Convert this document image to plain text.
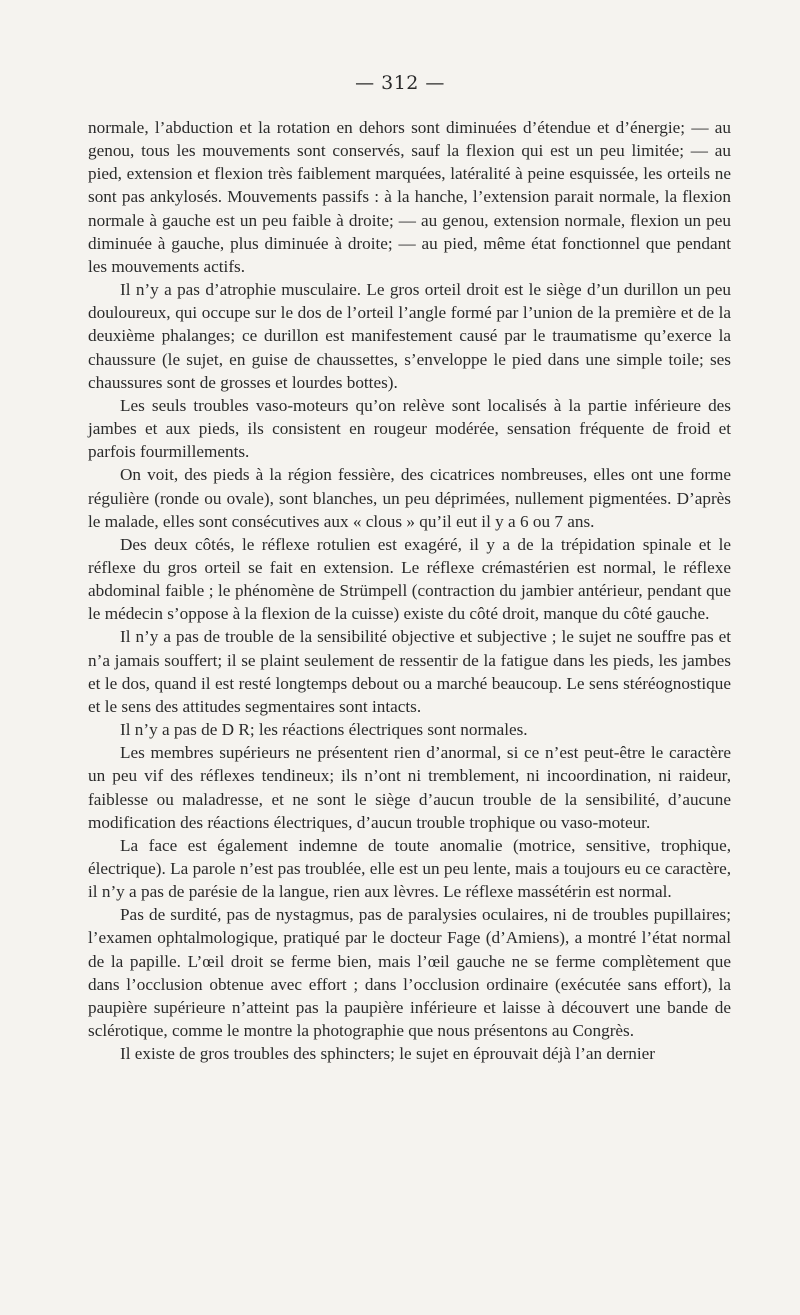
— 312 —

normale, l’abduction et la rotation en dehors sont diminuées d’étendue et d’énergie; — au genou, tous les mouvements sont conservés, sauf la flexion qui est un peu limitée; — au pied, extension et flexion très faiblement marquées, latéralité à peine esquissée, les orteils ne sont pas ankylosés. Mouvements passifs : à la hanche, l’extension parait normale, la flexion normale à gauche est un peu faible à droite; — au genou, extension normale, flexion un peu diminuée à gauche, plus diminuée à droite; — au pied, même état fonctionnel que pendant les mouvements actifs.

Il n’y a pas d’atrophie musculaire. Le gros orteil droit est le siège d’un durillon un peu douloureux, qui occupe sur le dos de l’orteil l’angle formé par l’union de la première et de la deuxième phalanges; ce durillon est manifestement causé par le traumatisme qu’exerce la chaussure (le sujet, en guise de chaussettes, s’enveloppe le pied dans une simple toile; ses chaussures sont de grosses et lourdes bottes).

Les seuls troubles vaso-moteurs qu’on relève sont localisés à la partie inférieure des jambes et aux pieds, ils consistent en rougeur modérée, sensation fréquente de froid et parfois fourmillements.

On voit, des pieds à la région fessière, des cicatrices nombreuses, elles ont une forme régulière (ronde ou ovale), sont blanches, un peu déprimées, nullement pigmentées. D’après le malade, elles sont consécutives aux « clous » qu’il eut il y a 6 ou 7 ans.

Des deux côtés, le réflexe rotulien est exagéré, il y a de la trépidation spinale et le réflexe du gros orteil se fait en extension. Le réflexe crémastérien est normal, le réflexe abdominal faible ; le phénomène de Strümpell (contraction du jambier antérieur, pendant que le médecin s’oppose à la flexion de la cuisse) existe du côté droit, manque du côté gauche.

Il n’y a pas de trouble de la sensibilité objective et subjective ; le sujet ne souffre pas et n’a jamais souffert; il se plaint seulement de ressentir de la fatigue dans les pieds, les jambes et le dos, quand il est resté longtemps debout ou a marché beaucoup. Le sens stéréognostique et le sens des attitudes segmentaires sont intacts.

Il n’y a pas de D R; les réactions électriques sont normales.

Les membres supérieurs ne présentent rien d’anormal, si ce n’est peut-être le caractère un peu vif des réflexes tendineux; ils n’ont ni tremblement, ni incoordination, ni raideur, faiblesse ou maladresse, et ne sont le siège d’aucun trouble de la sensibilité, d’aucune modification des réactions électriques, d’aucun trouble trophique ou vaso-moteur.

La face est également indemne de toute anomalie (motrice, sensitive, trophique, électrique). La parole n’est pas troublée, elle est un peu lente, mais a toujours eu ce caractère, il n’y a pas de parésie de la langue, rien aux lèvres. Le réflexe massétérin est normal.

Pas de surdité, pas de nystagmus, pas de paralysies oculaires, ni de troubles pupillaires; l’examen ophtalmologique, pratiqué par le docteur Fage (d’Amiens), a montré l’état normal de la papille. L’œil droit se ferme bien, mais l’œil gauche ne se ferme complètement que dans l’occlusion obtenue avec effort ; dans l’occlusion ordinaire (exécutée sans effort), la paupière supérieure n’atteint pas la paupière inférieure et laisse à découvert une bande de sclérotique, comme le montre la photographie que nous présentons au Congrès.

Il existe de gros troubles des sphincters; le sujet en éprouvait déjà l’an dernier
